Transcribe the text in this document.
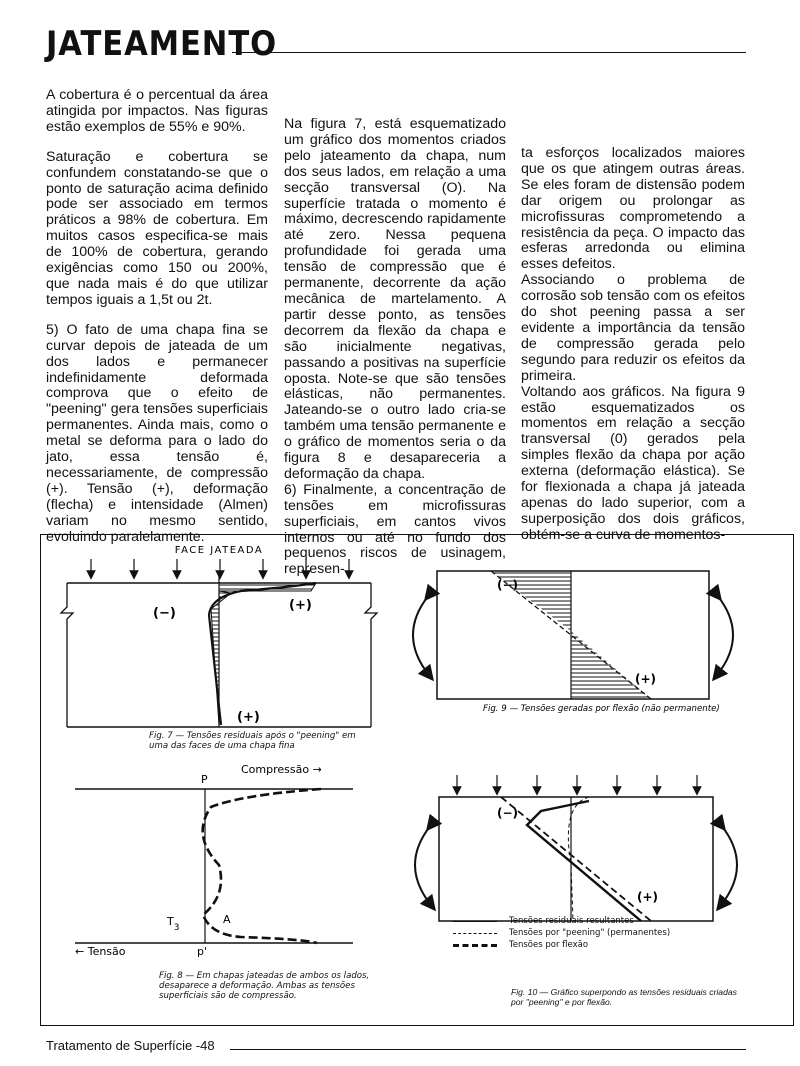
JATEAMENTO

A cobertura é o percentual da área atingida por impactos. Nas figuras estão exemplos de 55% e 90%.

Saturação e cobertura se confundem constatando-se que o ponto de saturação acima definido pode ser associado em termos práticos a 98% de cobertura. Em muitos casos especifica-se mais de 100% de cobertura, gerando exigências como 150 ou 200%, que nada mais é do que utilizar tempos iguais a 1,5t ou 2t.

5) O fato de uma chapa fina se curvar depois de jateada de um dos lados e permanecer indefinidamente deformada comprova que o efeito de "peening" gera tensões superficiais permanentes. Ainda mais, como o metal se deforma para o lado do jato, essa tensão é, necessariamente, de compressão (+). Tensão (+), deformação (flecha) e intensidade (Almen) variam no mesmo sentido, evoluindo paralelamente.

Na figura 7, está esquematizado um gráfico dos momentos criados pelo jateamento da chapa, num dos seus lados, em relação a uma secção transversal (O). Na superfície tratada o momento é máximo, decrescendo rapidamente até zero. Nessa pequena profundidade foi gerada uma tensão de compressão que é permanente, decorrente da ação mecânica de martelamento. A partir desse ponto, as tensões decorrem da flexão da chapa e são inicialmente negativas, passando a positivas na superfície oposta. Note-se que são tensões elásticas, não permanentes. Jateando-se o outro lado cria-se também uma tensão permanente e o gráfico de momentos seria o da figura 8 e desapareceria a deformação da chapa.

6) Finalmente, a concentração de tensões em microfissuras superficiais, em cantos vivos internos ou até no fundo dos pequenos riscos de usinagem, represen-

ta esforços localizados maiores que os que atingem outras áreas. Se eles foram de distensão podem dar origem ou prolongar as microfissuras comprometendo a resistência da peça. O impacto das esferas arredonda ou elimina esses defeitos.

Associando o problema de corrosão sob tensão com os efeitos do shot peening passa a ser evidente a importância da tensão de compressão gerada pelo segundo para reduzir os efeitos da primeira.

Voltando aos gráficos. Na figura 9 estão esquematizados os momentos em relação a secção transversal (0) gerados pela simples flexão da chapa por ação externa (deformação elástica). Se for flexionada a chapa já jateada apenas do lado superior, com a superposição dos dois gráficos, obtém-se a curva de momentos-

FACE JATEADA
(−)
(+)
(+)
Fig. 7 — Tensões residuais após o "peening" em uma das faces de uma chapa fina
(−)
(+)
Fig. 9 — Tensões geradas por flexão (não permanente)
Compressão →
P
$T_3$
A
p'
← Tensão
Fig. 8 — Em chapas jateadas de ambos os lados, desaparece a deformação. Ambas as tensões superficiais são de compressão.
(−)
(+)
Tensões residuais resultantes
Tensões por "peening" (permanentes)
Tensões por flexão
Fig. 10 — Gráfico superpondo as tensões residuais criadas por "peening" e por flexão.
Tratamento de Superfície -48
